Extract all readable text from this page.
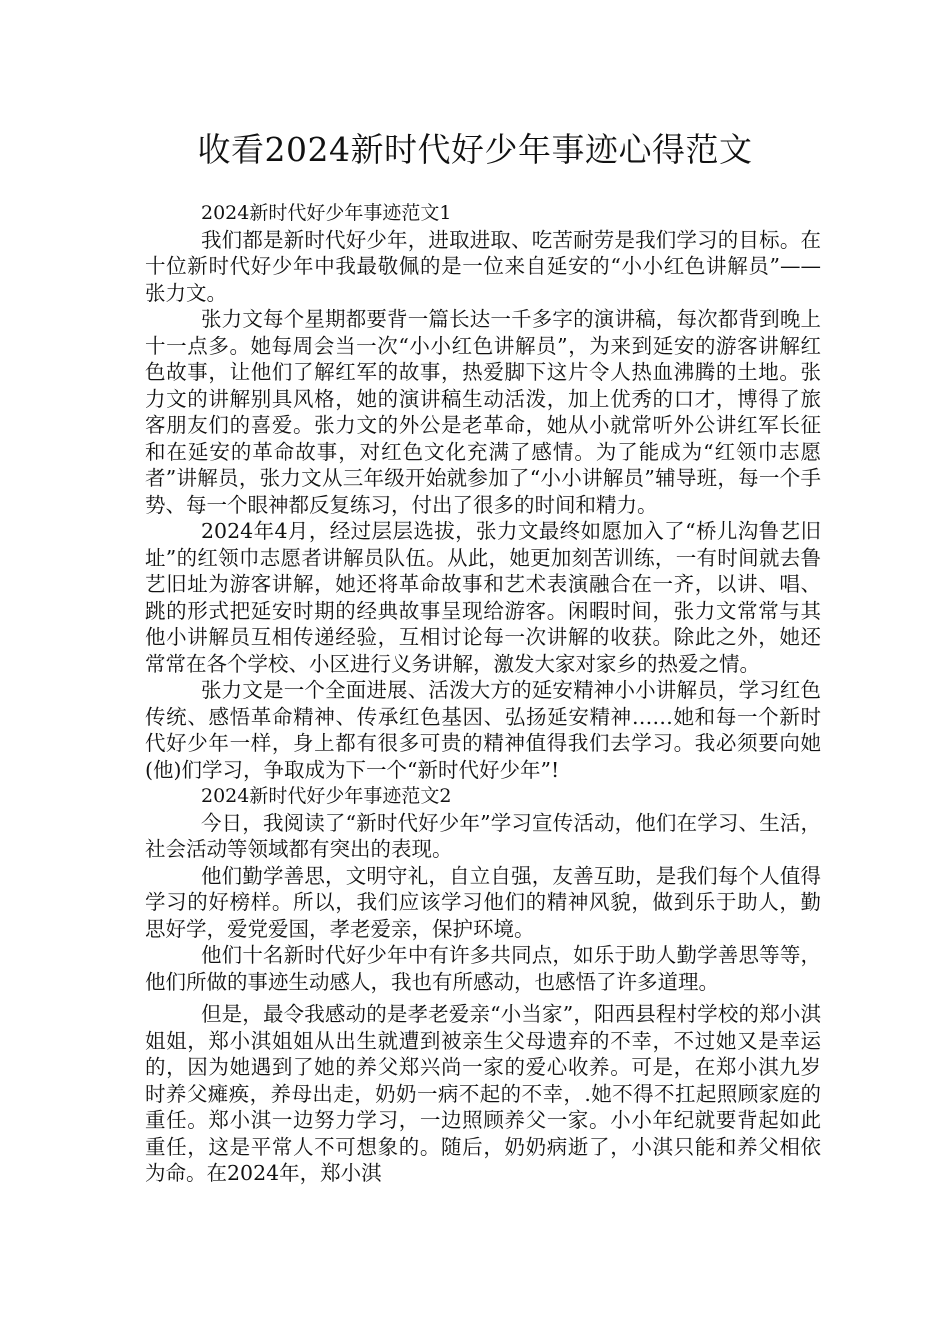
收看2024新时代好少年事迹心得范文

2024新时代好少年事迹范文1

我们都是新时代好少年，进取进取、吃苦耐劳是我们学习的目标。在十位新时代好少年中我最敬佩的是一位来自延安的“小小红色讲解员”——张力文。

张力文每个星期都要背一篇长达一千多字的演讲稿，每次都背到晚上十一点多。她每周会当一次“小小红色讲解员”，为来到延安的游客讲解红色故事，让他们了解红军的故事，热爱脚下这片令人热血沸腾的土地。张力文的讲解别具风格，她的演讲稿生动活泼，加上优秀的口才，博得了旅客朋友们的喜爱。张力文的外公是老革命，她从小就常听外公讲红军长征和在延安的革命故事，对红色文化充满了感情。为了能成为“红领巾志愿者”讲解员，张力文从三年级开始就参加了“小小讲解员”辅导班，每一个手势、每一个眼神都反复练习，付出了很多的时间和精力。

2024年4月，经过层层选拔，张力文最终如愿加入了“桥儿沟鲁艺旧址”的红领巾志愿者讲解员队伍。从此，她更加刻苦训练，一有时间就去鲁艺旧址为游客讲解，她还将革命故事和艺术表演融合在一齐，以讲、唱、跳的形式把延安时期的经典故事呈现给游客。闲暇时间，张力文常常与其他小讲解员互相传递经验，互相讨论每一次讲解的收获。除此之外，她还常常在各个学校、小区进行义务讲解，激发大家对家乡的热爱之情。

张力文是一个全面进展、活泼大方的延安精神小小讲解员，学习红色传统、感悟革命精神、传承红色基因、弘扬延安精神……她和每一个新时代好少年一样，身上都有很多可贵的精神值得我们去学习。我必须要向她(他)们学习，争取成为下一个“新时代好少年”!

2024新时代好少年事迹范文2

今日，我阅读了“新时代好少年”学习宣传活动，他们在学习、生活，社会活动等领域都有突出的表现。

他们勤学善思，文明守礼，自立自强，友善互助，是我们每个人值得学习的好榜样。所以，我们应该学习他们的精神风貌，做到乐于助人，勤思好学，爱党爱国，孝老爱亲，保护环境。

他们十名新时代好少年中有许多共同点，如乐于助人勤学善思等等，他们所做的事迹生动感人，我也有所感动，也感悟了许多道理。

但是，最令我感动的是孝老爱亲“小当家”，阳西县程村学校的郑小淇姐姐，郑小淇姐姐从出生就遭到被亲生父母遗弃的不幸，不过她又是幸运的，因为她遇到了她的养父郑兴尚一家的爱心收养。可是，在郑小淇九岁时养父瘫痪，养母出走，奶奶一病不起的不幸，.她不得不扛起照顾家庭的重任。郑小淇一边努力学习，一边照顾养父一家。小小年纪就要背起如此重任，这是平常人不可想象的。随后，奶奶病逝了，小淇只能和养父相依为命。在2024年，郑小淇
